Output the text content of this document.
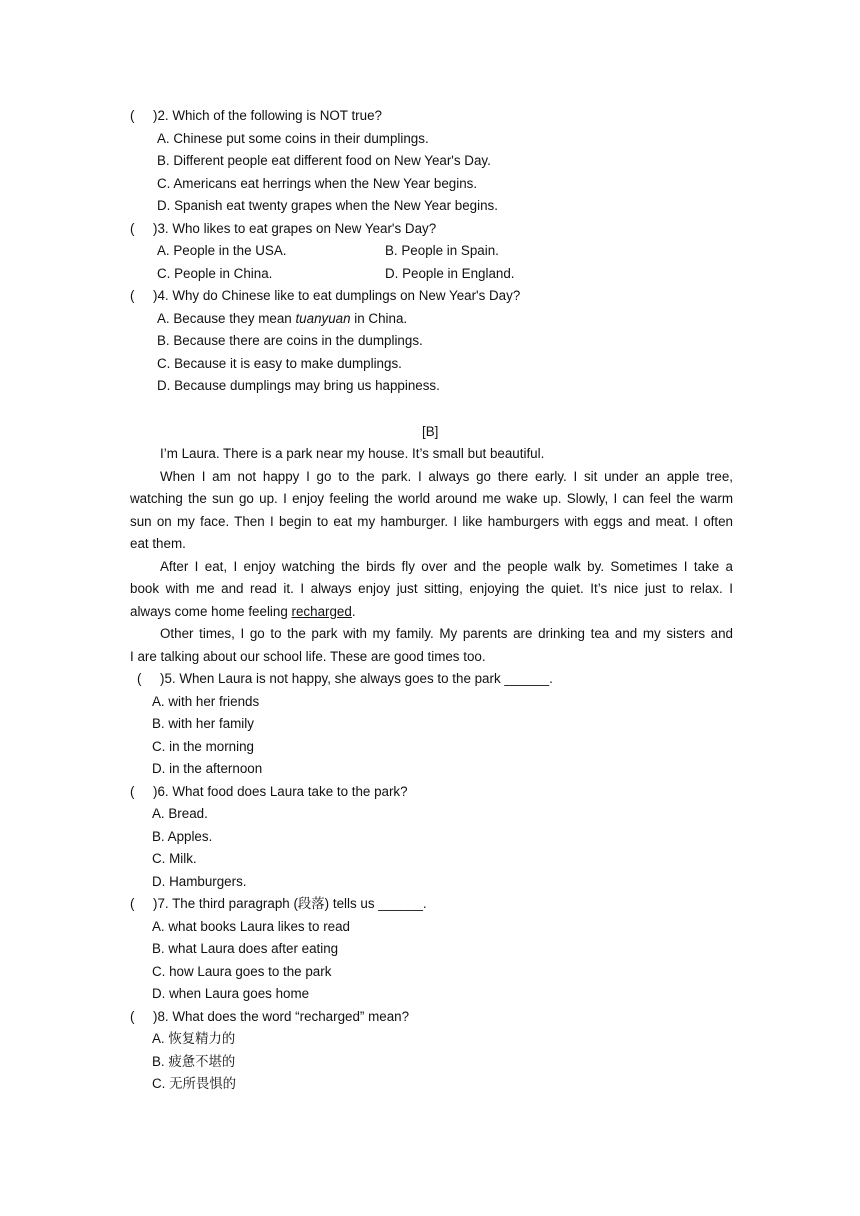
( )2. Which of the following is NOT true?
A. Chinese put some coins in their dumplings.
B. Different people eat different food on New Year's Day.
C. Americans eat herrings when the New Year begins.
D. Spanish eat twenty grapes when the New Year begins.
( )3. Who likes to eat grapes on New Year's Day?
A. People in the USA.	B. People in Spain.
C. People in China.	D. People in England.
( )4. Why do Chinese like to eat dumplings on New Year's Day?
A. Because they mean tuanyuan in China.
B. Because there are coins in the dumplings.
C. Because it is easy to make dumplings.
D. Because dumplings may bring us happiness.
[B]
I’m Laura. There is a park near my house. It’s small but beautiful.
When I am not happy I go to the park. I always go there early. I sit under an apple tree,
watching the sun go up. I enjoy feeling the world around me wake up. Slowly, I can feel the warm
sun on my face. Then I begin to eat my hamburger. I like hamburgers with eggs and meat. I often
eat them.
After I eat, I enjoy watching the birds fly over and the people walk by. Sometimes I take a
book with me and read it. I always enjoy just sitting, enjoying the quiet. It’s nice just to relax. I
always come home feeling recharged.
Other times, I go to the park with my family. My parents are drinking tea and my sisters and
I are talking about our school life. These are good times too.
( )5. When Laura is not happy, she always goes to the park ______.
A. with her friends
B. with her family
C. in the morning
D. in the afternoon
( )6. What food does Laura take to the park?
A. Bread.
B. Apples.
C. Milk.
D. Hamburgers.
( )7. The third paragraph (段落) tells us ______.
A. what books Laura likes to read
B. what Laura does after eating
C. how Laura goes to the park
D. when Laura goes home
( )8. What does the word “recharged” mean?
A. 恢复精力的
B. 疲惫不堪的
C. 无所畏惧的
